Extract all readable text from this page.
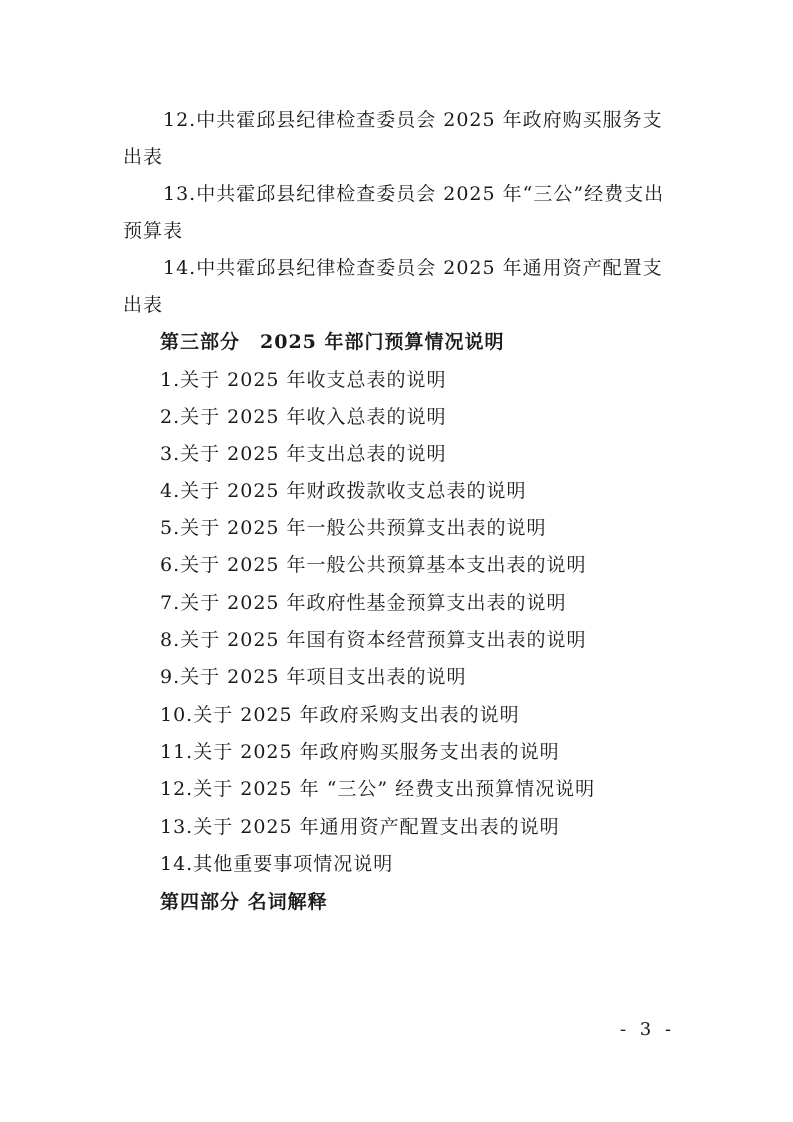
12.中共霍邱县纪律检查委员会 2025 年政府购买服务支
出表
13.中共霍邱县纪律检查委员会 2025 年“三公”经费支出
预算表
14.中共霍邱县纪律检查委员会 2025 年通用资产配置支
出表
第三部分　2025 年部门预算情况说明
1.关于 2025 年收支总表的说明
2.关于 2025 年收入总表的说明
3.关于 2025 年支出总表的说明
4.关于 2025 年财政拨款收支总表的说明
5.关于 2025 年一般公共预算支出表的说明
6.关于 2025 年一般公共预算基本支出表的说明
7.关于 2025 年政府性基金预算支出表的说明
8.关于 2025 年国有资本经营预算支出表的说明
9.关于 2025 年项目支出表的说明
10.关于 2025 年政府采购支出表的说明
11.关于 2025 年政府购买服务支出表的说明
12.关于 2025 年 “三公” 经费支出预算情况说明
13.关于 2025 年通用资产配置支出表的说明
14.其他重要事项情况说明
第四部分 名词解释
- 3 -
